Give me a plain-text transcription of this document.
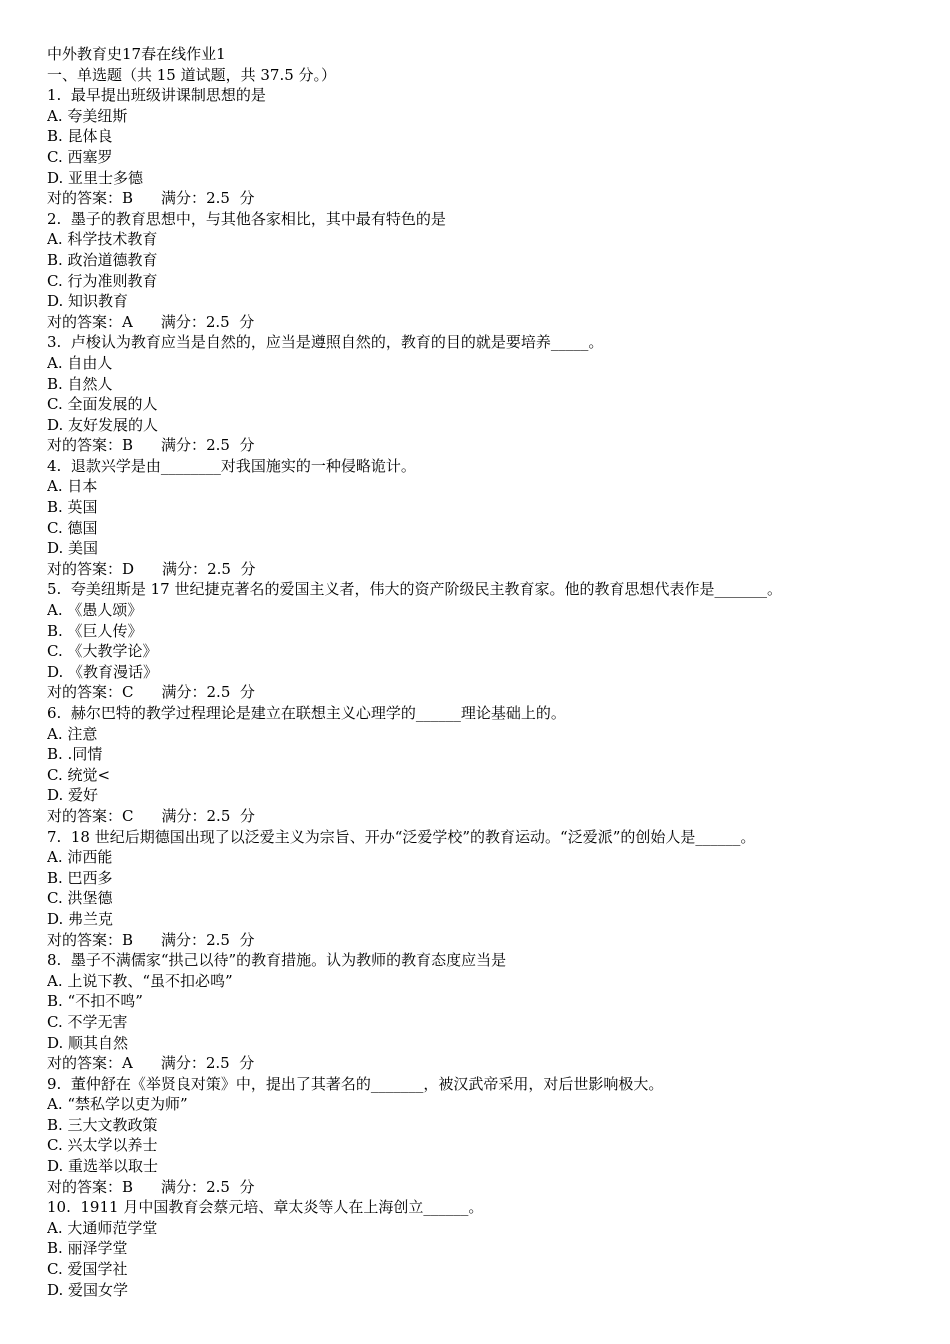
中外教育史17春在线作业1
一、单选题（共 15 道试题，共 37.5 分。）
1.  最早提出班级讲课制思想的是
A. 夸美纽斯
B. 昆体良
C. 西塞罗
D. 亚里士多德
对的答案：B 满分：2.5  分
2.  墨子的教育思想中，与其他各家相比，其中最有特色的是
A. 科学技术教育
B. 政治道德教育
C. 行为准则教育
D. 知识教育
对的答案：A 满分：2.5  分
3.  卢梭认为教育应当是自然的，应当是遵照自然的，教育的目的就是要培养_____。
A. 自由人
B. 自然人
C. 全面发展的人
D. 友好发展的人
对的答案：B 满分：2.5  分
4.  退款兴学是由________对我国施实的一种侵略诡计。
A. 日本
B. 英国
C. 德国
D. 美国
对的答案：D 满分：2.5  分
5.  夸美纽斯是 17 世纪捷克著名的爱国主义者，伟大的资产阶级民主教育家。他的教育思想代表作是_______。
A. 《愚人颂》
B. 《巨人传》
C. 《大教学论》
D. 《教育漫话》
对的答案：C 满分：2.5  分
6.  赫尔巴特的教学过程理论是建立在联想主义心理学的______理论基础上的。
A. 注意
B. .同情
C. 统觉<
D. 爱好
对的答案：C 满分：2.5  分
7.  18 世纪后期德国出现了以泛爱主义为宗旨、开办“泛爱学校”的教育运动。“泛爱派”的创始人是______。
A. 沛西能
B. 巴西多
C. 洪堡德
D. 弗兰克
对的答案：B 满分：2.5  分
8.  墨子不满儒家“拱己以待”的教育措施。认为教师的教育态度应当是
A. 上说下教、“虽不扣必鸣”
B. “不扣不鸣”
C. 不学无害
D. 顺其自然
对的答案：A 满分：2.5  分
9.  董仲舒在《举贤良对策》中，提出了其著名的_______，被汉武帝采用，对后世影响极大。
A. “禁私学以吏为师”
B. 三大文教政策
C. 兴太学以养士
D. 重选举以取士
对的答案：B 满分：2.5  分
10.  1911 月中国教育会蔡元培、章太炎等人在上海创立______。
A. 大通师范学堂
B. 丽泽学堂
C. 爱国学社
D. 爱国女学
